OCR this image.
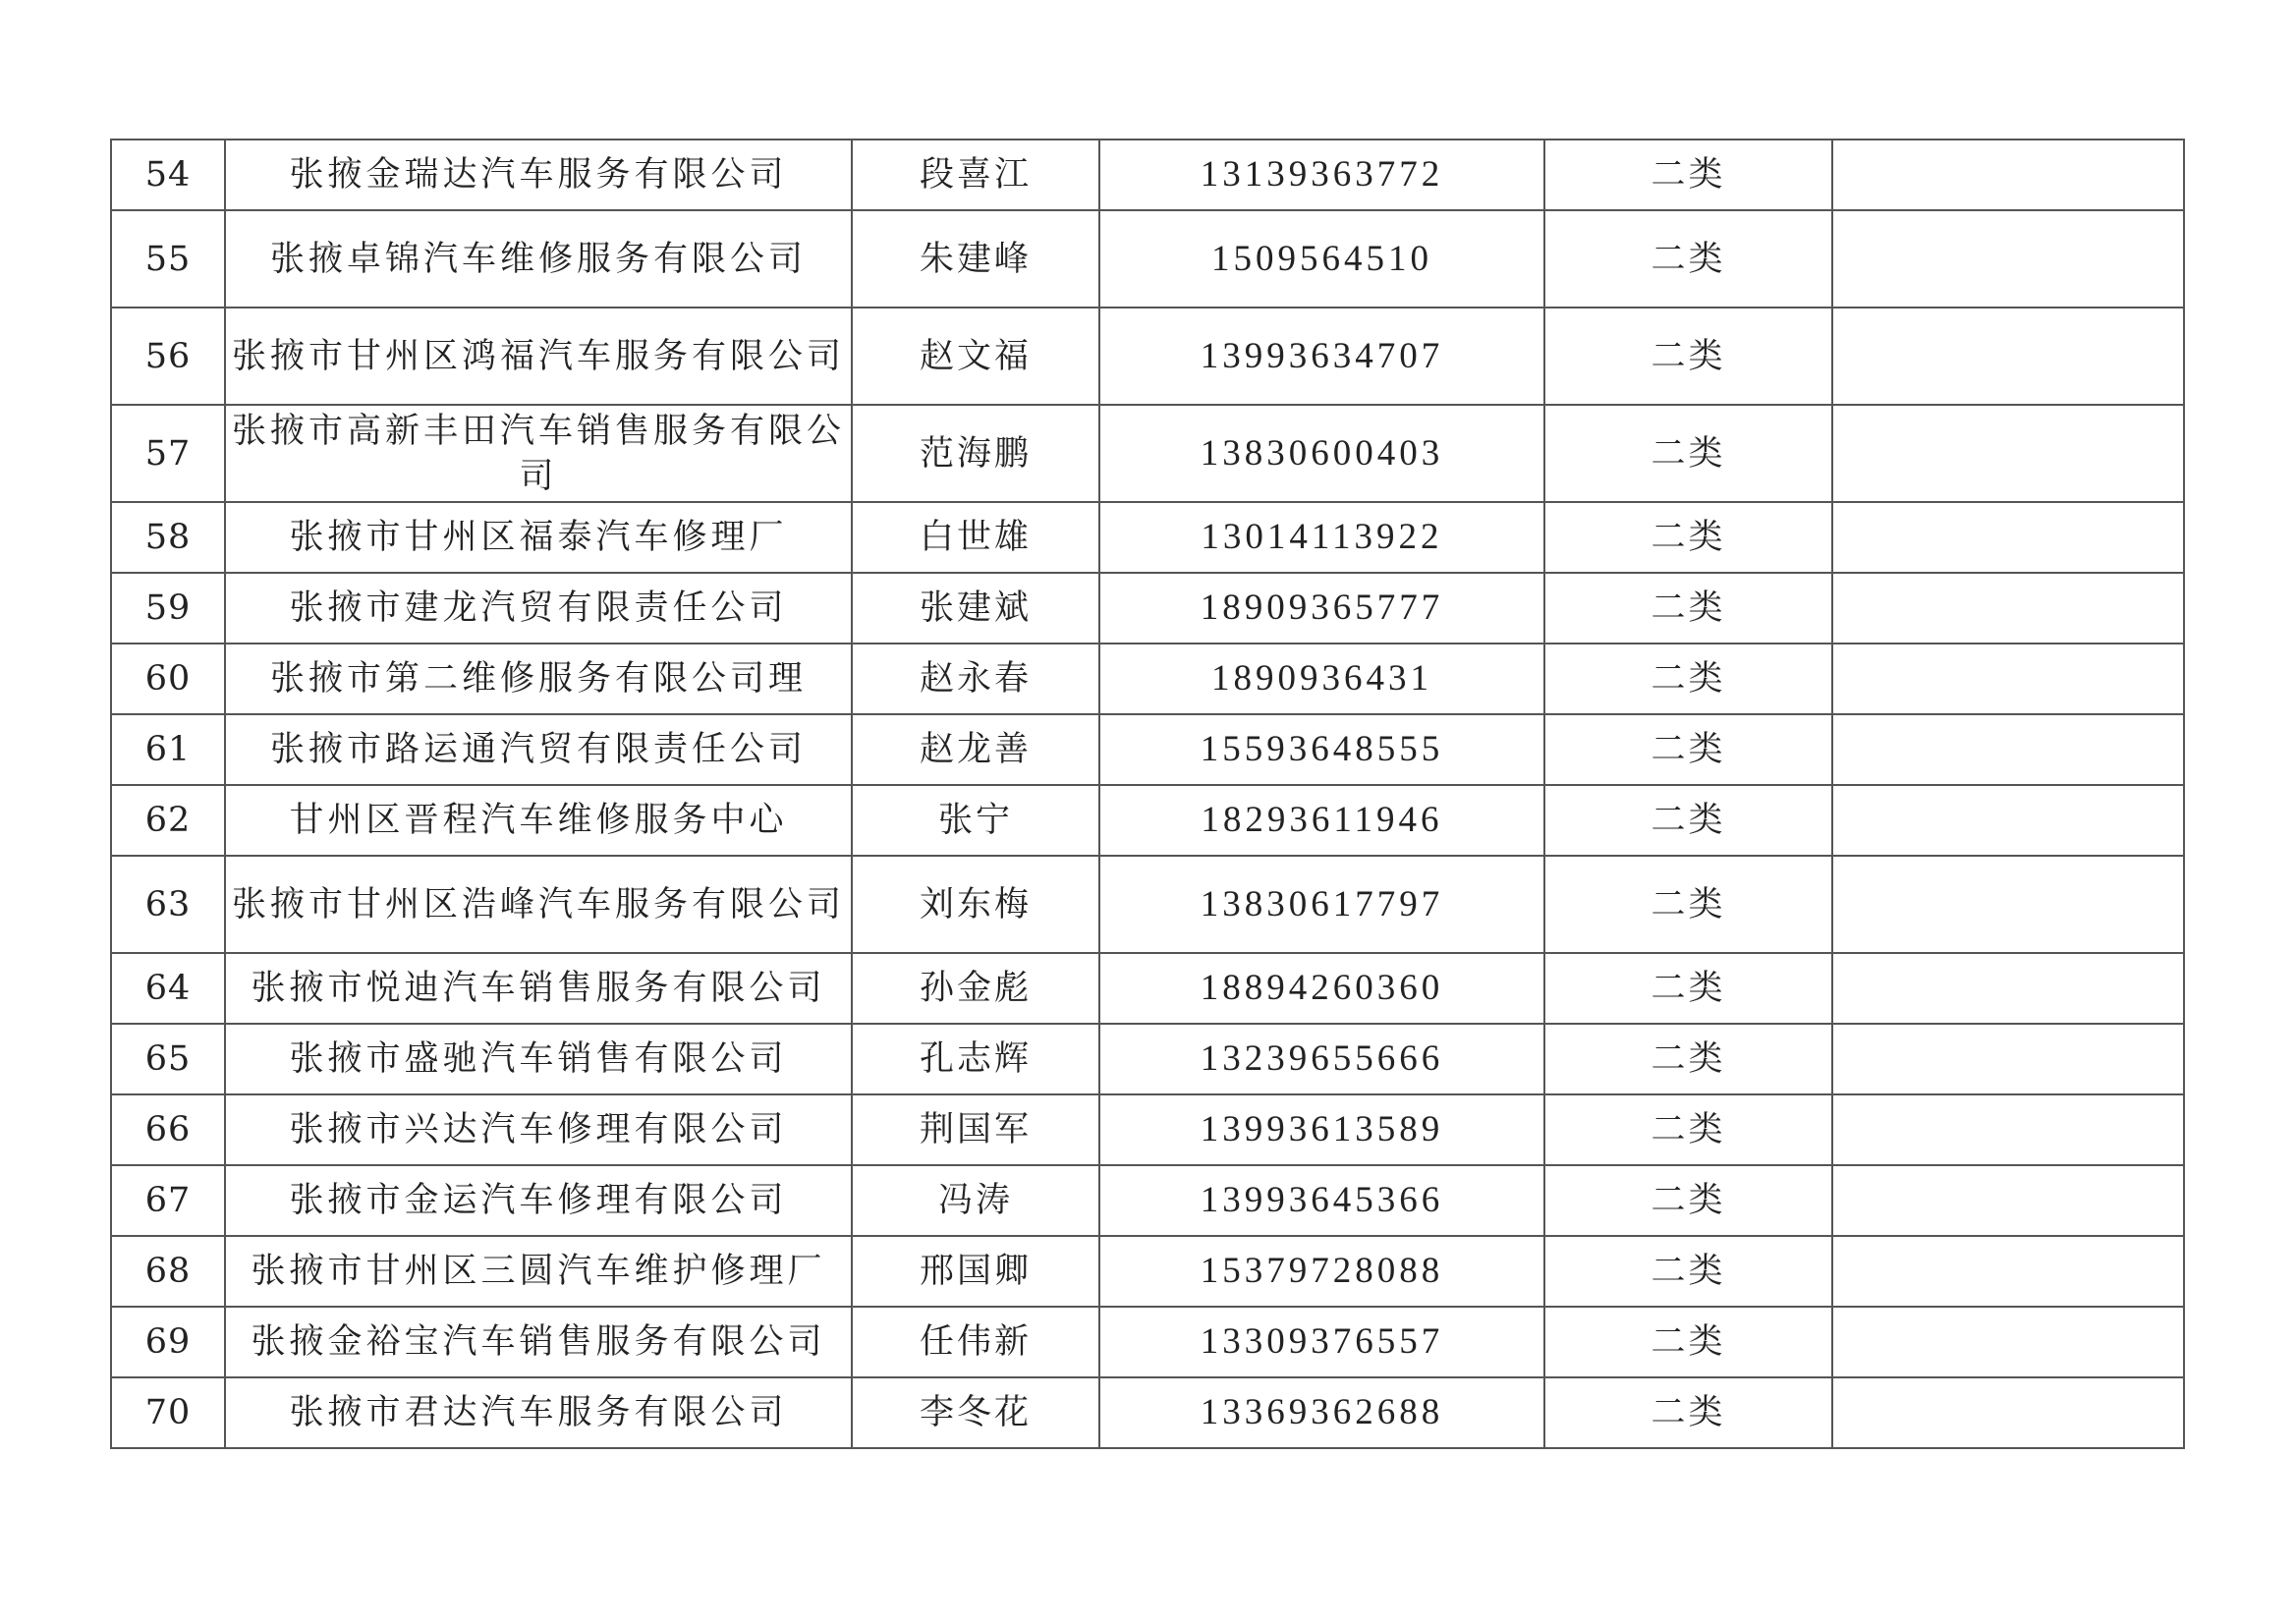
54	张掖金瑞达汽车服务有限公司	段喜江	13139363772	二类	
55	张掖卓锦汽车维修服务有限公司	朱建峰	1509564510	二类	
56	张掖市甘州区鸿福汽车服务有限公司	赵文福	13993634707	二类	
57	张掖市高新丰田汽车销售服务有限公司	范海鹏	13830600403	二类	
58	张掖市甘州区福泰汽车修理厂	白世雄	13014113922	二类	
59	张掖市建龙汽贸有限责任公司	张建斌	18909365777	二类	
60	张掖市第二维修服务有限公司理	赵永春	1890936431	二类	
61	张掖市路运通汽贸有限责任公司	赵龙善	15593648555	二类	
62	甘州区晋程汽车维修服务中心	张宁	18293611946	二类	
63	张掖市甘州区浩峰汽车服务有限公司	刘东梅	13830617797	二类	
64	张掖市悦迪汽车销售服务有限公司	孙金彪	18894260360	二类	
65	张掖市盛驰汽车销售有限公司	孔志辉	13239655666	二类	
66	张掖市兴达汽车修理有限公司	荆国军	13993613589	二类	
67	张掖市金运汽车修理有限公司	冯涛	13993645366	二类	
68	张掖市甘州区三圆汽车维护修理厂	邢国卿	15379728088	二类	
69	张掖金裕宝汽车销售服务有限公司	任伟新	13309376557	二类	
70	张掖市君达汽车服务有限公司	李冬花	13369362688	二类	
